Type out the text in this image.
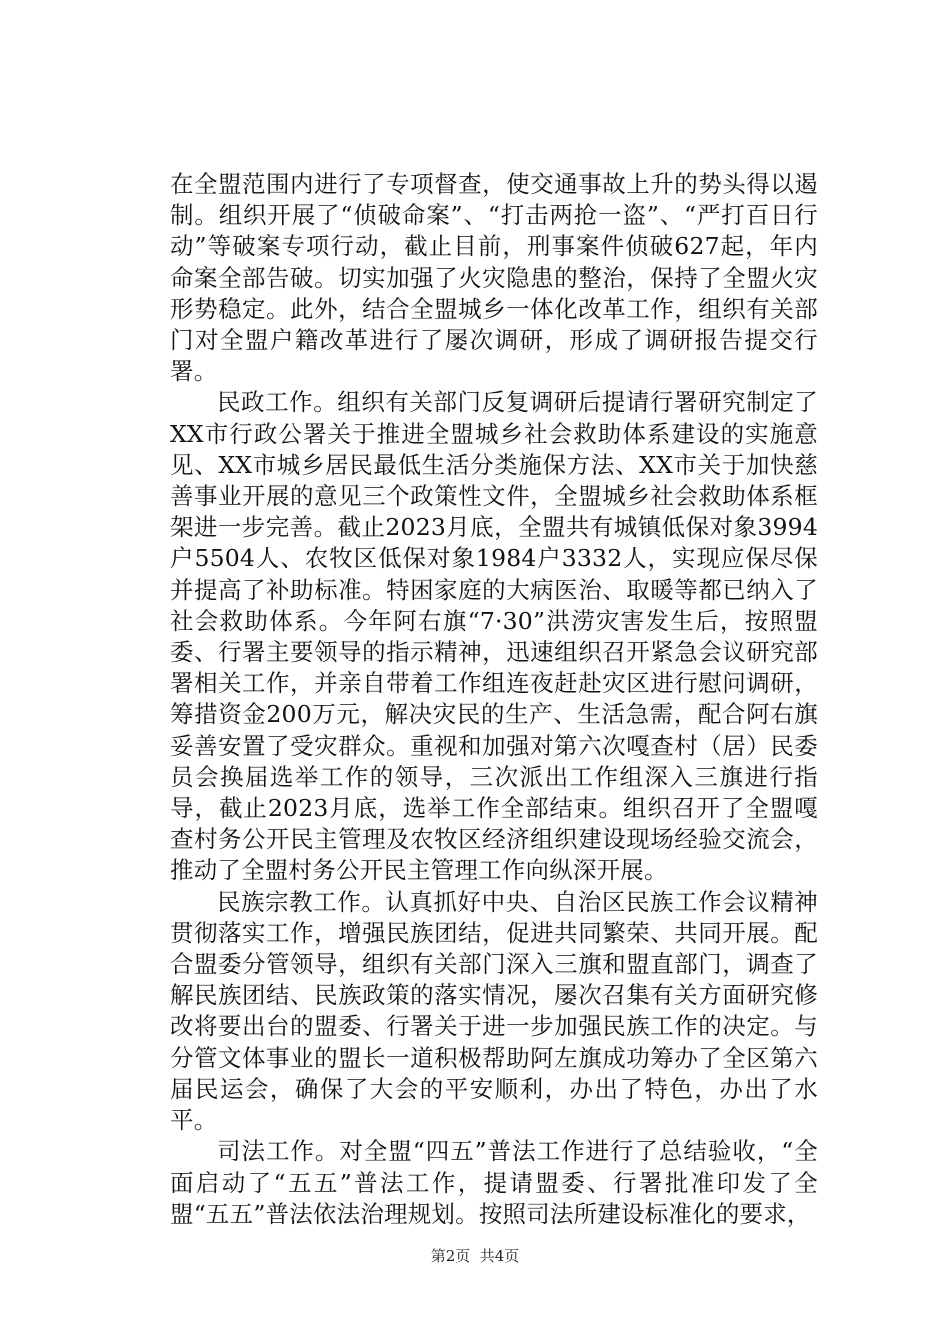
在全盟范围内进行了专项督查，使交通事故上升的势头得以遏制。组织开展了“侦破命案”、“打击两抢一盗”、“严打百日行动”等破案专项行动，截止目前，刑事案件侦破627起，年内命案全部告破。切实加强了火灾隐患的整治，保持了全盟火灾形势稳定。此外，结合全盟城乡一体化改革工作，组织有关部门对全盟户籍改革进行了屡次调研，形成了调研报告提交行署。

民政工作。组织有关部门反复调研后提请行署研究制定了XX市行政公署关于推进全盟城乡社会救助体系建设的实施意见、XX市城乡居民最低生活分类施保方法、XX市关于加快慈善事业开展的意见三个政策性文件，全盟城乡社会救助体系框架进一步完善。截止2023月底，全盟共有城镇低保对象3994户5504人、农牧区低保对象1984户3332人，实现应保尽保并提高了补助标准。特困家庭的大病医治、取暖等都已纳入了社会救助体系。今年阿右旗“7·30”洪涝灾害发生后，按照盟委、行署主要领导的指示精神，迅速组织召开紧急会议研究部署相关工作，并亲自带着工作组连夜赶赴灾区进行慰问调研，筹措资金200万元，解决灾民的生产、生活急需，配合阿右旗妥善安置了受灾群众。重视和加强对第六次嘎查村（居）民委员会换届选举工作的领导，三次派出工作组深入三旗进行指导，截止2023月底，选举工作全部结束。组织召开了全盟嘎查村务公开民主管理及农牧区经济组织建设现场经验交流会，推动了全盟村务公开民主管理工作向纵深开展。

民族宗教工作。认真抓好中央、自治区民族工作会议精神贯彻落实工作，增强民族团结，促进共同繁荣、共同开展。配合盟委分管领导，组织有关部门深入三旗和盟直部门，调查了解民族团结、民族政策的落实情况，屡次召集有关方面研究修改将要出台的盟委、行署关于进一步加强民族工作的决定。与分管文体事业的盟长一道积极帮助阿左旗成功筹办了全区第六届民运会，确保了大会的平安顺利，办出了特色，办出了水平。

司法工作。对全盟“四五”普法工作进行了总结验收，“全面启动了“五五”普法工作，提请盟委、行署批准印发了全盟“五五”普法依法治理规划。按照司法所建设标准化的要求，

第2页  共4页
